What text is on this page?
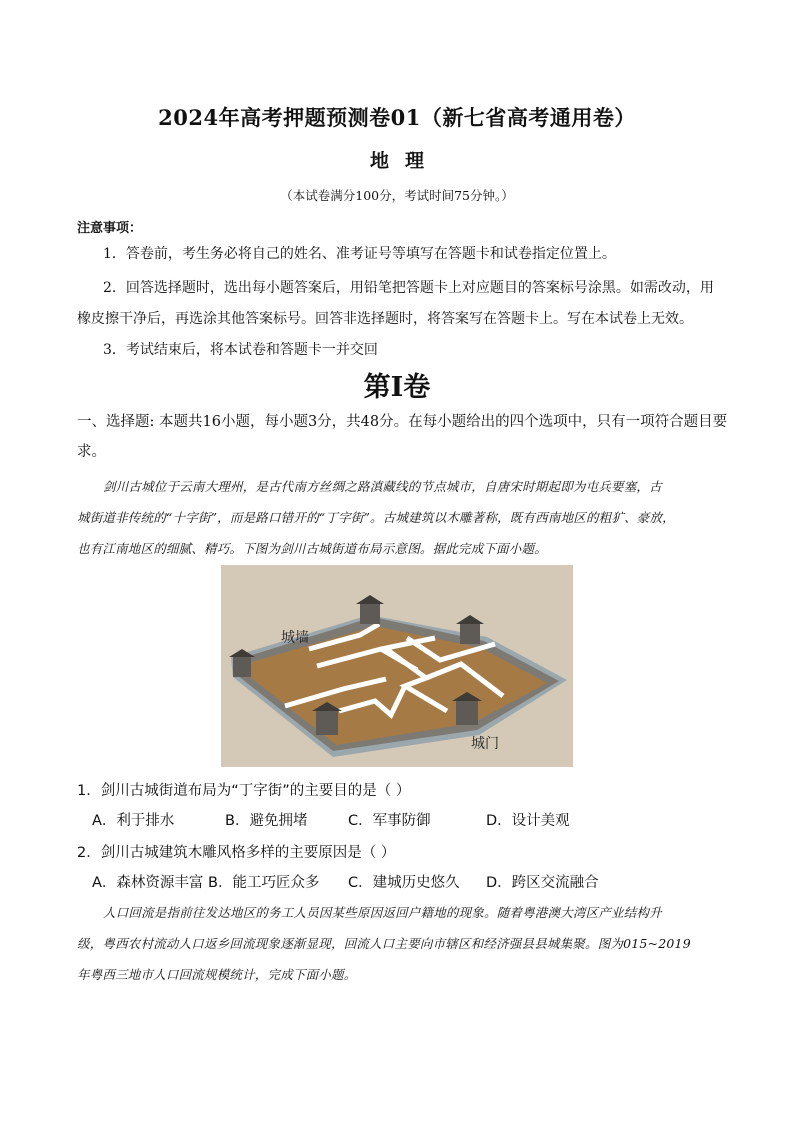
2024年高考押题预测卷01（新七省高考通用卷）
地理
（本试卷满分100分，考试时间75分钟。）
注意事项：
1．答卷前，考生务必将自己的姓名、准考证号等填写在答题卡和试卷指定位置上。
2．回答选择题时，选出每小题答案后，用铅笔把答题卡上对应题目的答案标号涂黑。如需改动，用
橡皮擦干净后，再选涂其他答案标号。回答非选择题时，将答案写在答题卡上。写在本试卷上无效。
3．考试结束后，将本试卷和答题卡一并交回
第I卷
一、选择题: 本题共16小题，每小题3分，共48分。在每小题给出的四个选项中，只有一项符合题目要
求。
剑川古城位于云南大理州，是古代南方丝绸之路滇藏线的节点城市，自唐宋时期起即为屯兵要塞，古
城街道非传统的“十字街”，而是路口错开的“丁字街”。古城建筑以木雕著称，既有西南地区的粗犷、豪放，
也有江南地区的细腻、精巧。下图为剑川古城街道布局示意图。据此完成下面小题。
城墙
城门
1．剑川古城街道布局为“丁字街”的主要目的是（ ）
A．利于排水	B．避免拥堵	C．军事防御	D．设计美观
2．剑川古城建筑木雕风格多样的主要原因是（ ）
A．森林资源丰富 B．能工巧匠众多 C．建城历史悠久 D．跨区交流融合
人口回流是指前往发达地区的务工人员因某些原因返回户籍地的现象。随着粤港澳大湾区产业结构升
级，粤西农村流动人口返乡回流现象逐渐显现，回流人口主要向市辖区和经济强县县城集聚。图为015~2019
年粤西三地市人口回流规模统计，完成下面小题。
